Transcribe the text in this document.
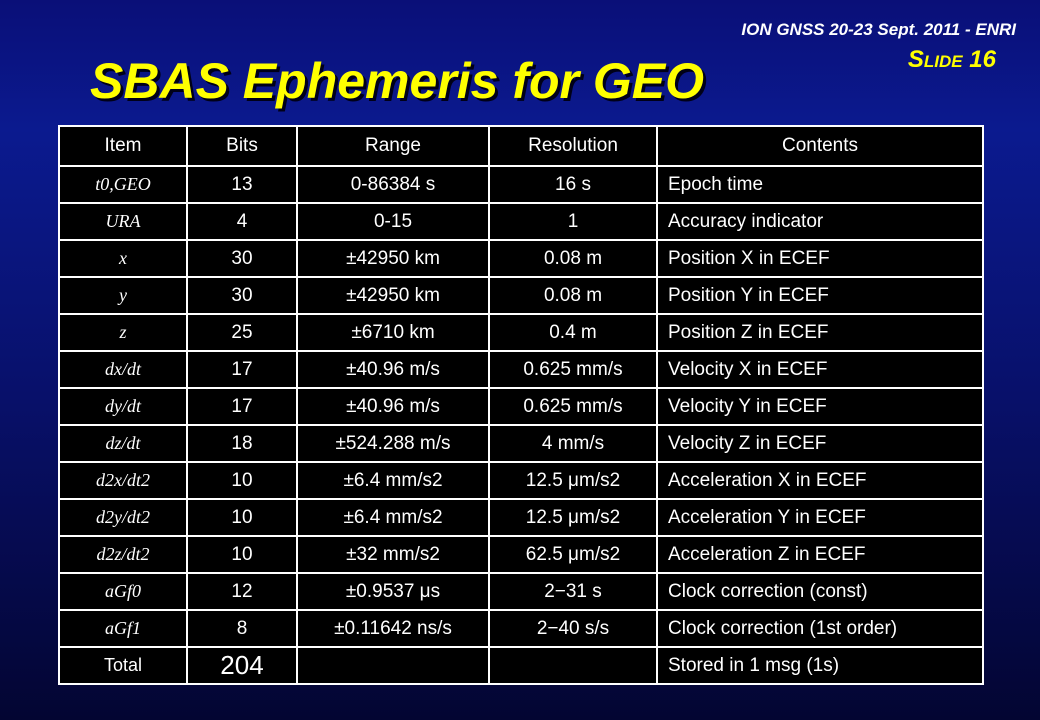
ION GNSS 20-23 Sept. 2011 - ENRI
Slide 16
SBAS Ephemeris for GEO
Item	Bits	Range	Resolution	Contents
t0,GEO	13	0-86384 s	16 s	Epoch time
URA	4	0-15	1	Accuracy indicator
x	30	±42950 km	0.08 m	Position X in ECEF
y	30	±42950 km	0.08 m	Position Y in ECEF
z	25	±6710 km	0.4 m	Position Z in ECEF
dx/dt	17	±40.96 m/s	0.625 mm/s	Velocity X in ECEF
dy/dt	17	±40.96 m/s	0.625 mm/s	Velocity Y in ECEF
dz/dt	18	±524.288 m/s	4 mm/s	Velocity Z in ECEF
d2x/dt2	10	±6.4 mm/s2	12.5 μm/s2	Acceleration X in ECEF
d2y/dt2	10	±6.4 mm/s2	12.5 μm/s2	Acceleration Y in ECEF
d2z/dt2	10	±32 mm/s2	62.5 μm/s2	Acceleration Z in ECEF
aGf0	12	±0.9537 μs	2−31 s	Clock correction (const)
aGf1	8	±0.11642 ns/s	2−40 s/s	Clock correction (1st order)
Total	204			Stored in 1 msg (1s)
